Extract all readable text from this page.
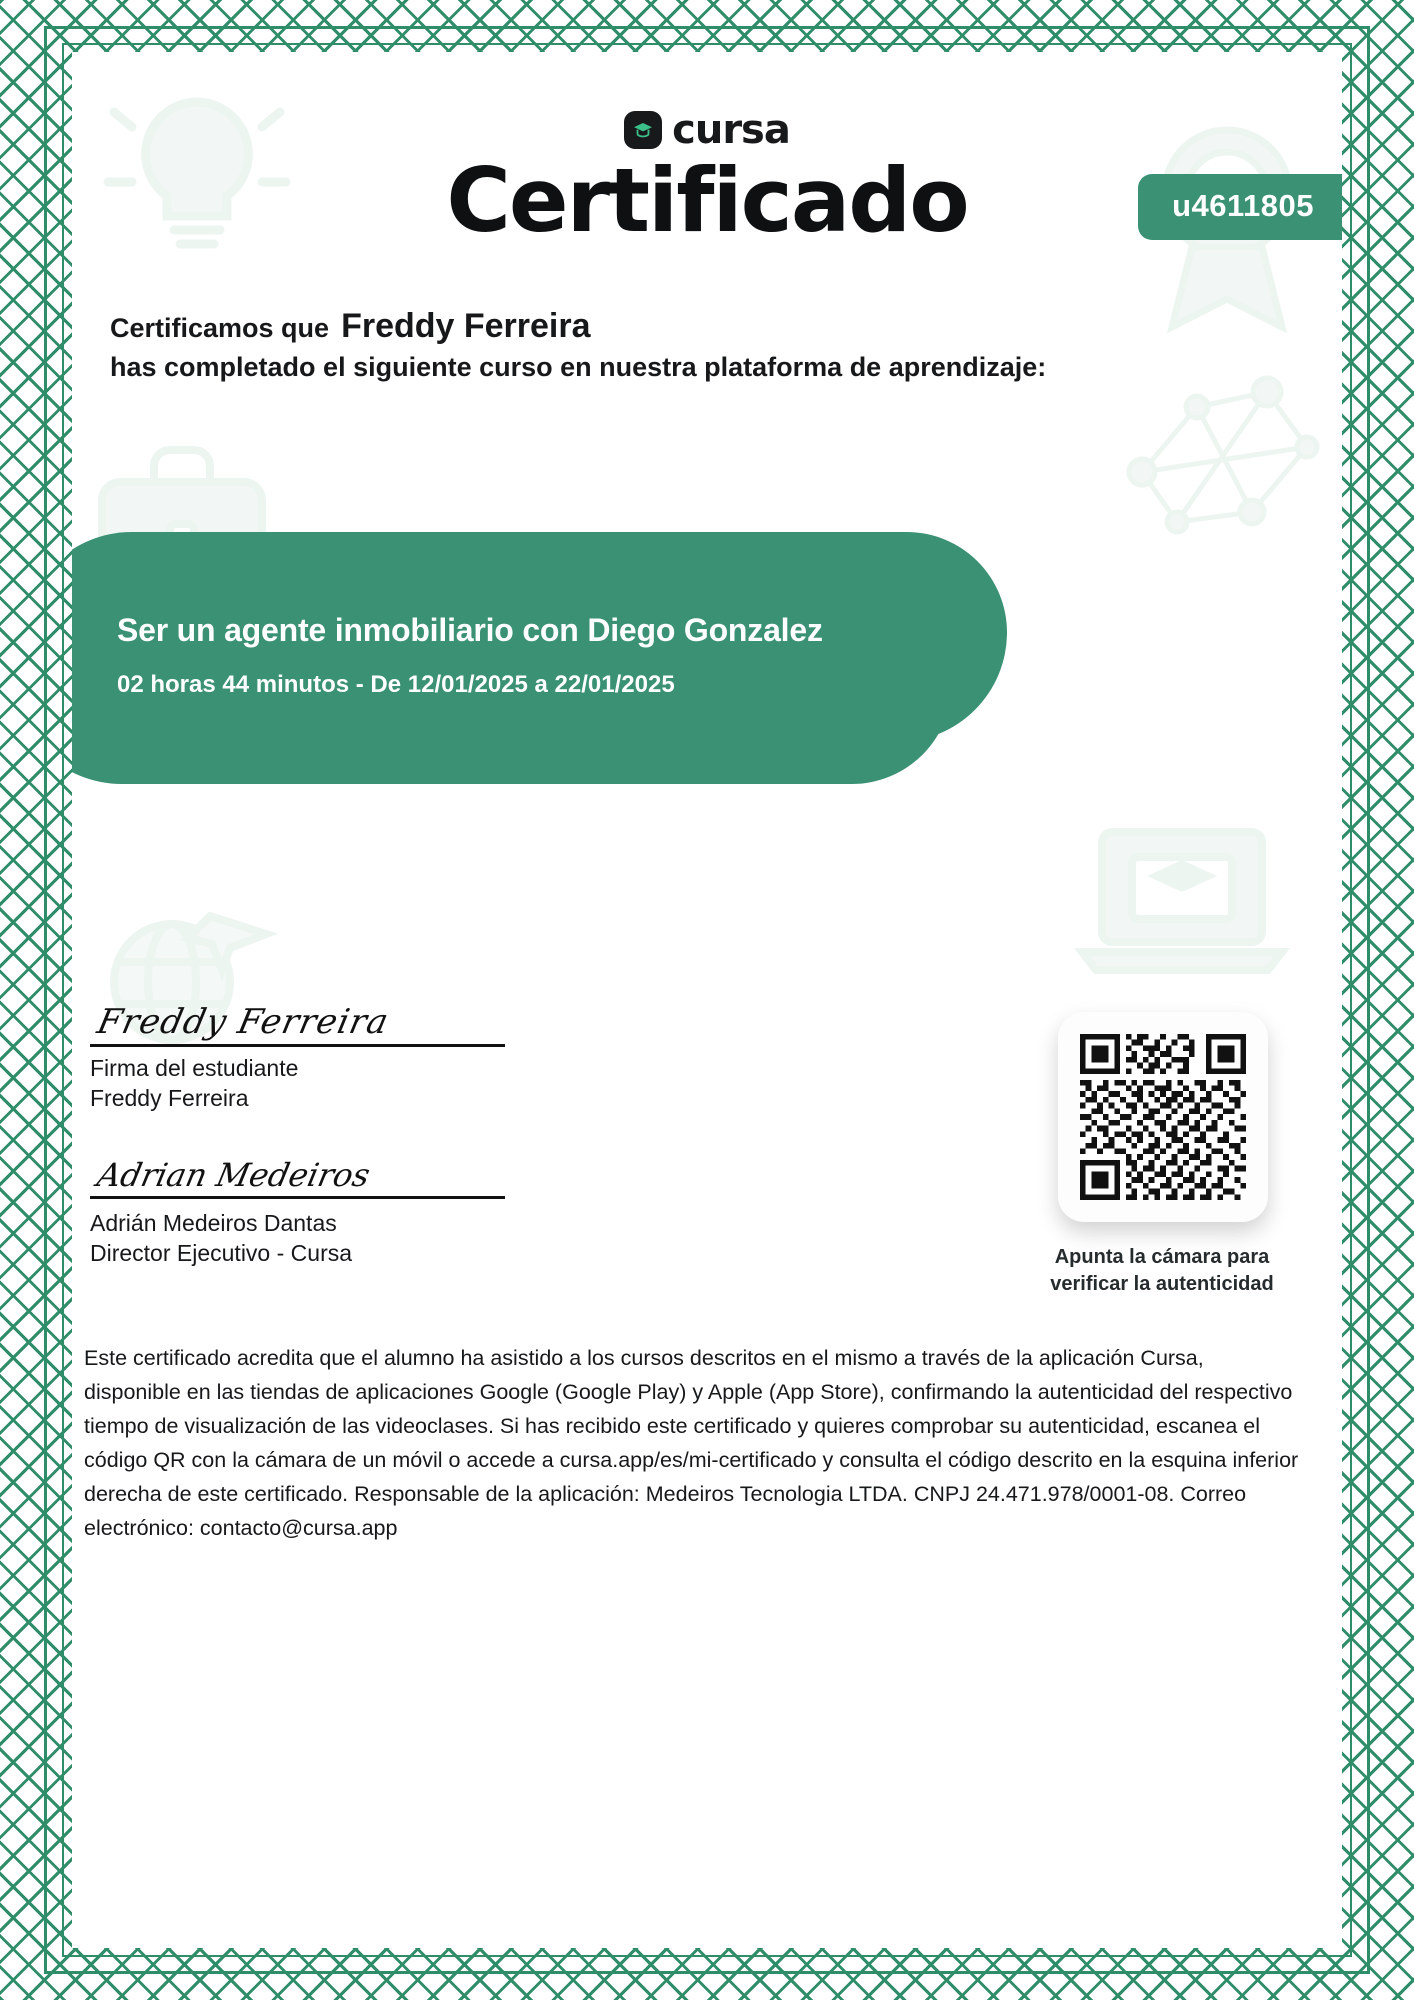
cursa
Certificado	u4611805
Certificamos que Freddy Ferreira
has completado el siguiente curso en nuestra plataforma de aprendizaje:
Ser un agente inmobiliario con Diego Gonzalez
02 horas 44 minutos - De 12/01/2025 a 22/01/2025
Freddy Ferreira
Firma del estudiante
Freddy Ferreira
Adrian Medeiros
Adrián Medeiros Dantas
Director Ejecutivo - Cursa	Apunta la cámara para verificar la autenticidad
Este certificado acredita que el alumno ha asistido a los cursos descritos en el mismo a través de la aplicación Cursa, disponible en las tiendas de aplicaciones Google (Google Play) y Apple (App Store), confirmando la autenticidad del respectivo tiempo de visualización de las videoclases. Si has recibido este certificado y quieres comprobar su autenticidad, escanea el código QR con la cámara de un móvil o accede a cursa.app/es/mi-certificado y consulta el código descrito en la esquina inferior derecha de este certificado. Responsable de la aplicación: Medeiros Tecnologia LTDA. CNPJ 24.471.978/0001-08. Correo electrónico: contacto@cursa.app
